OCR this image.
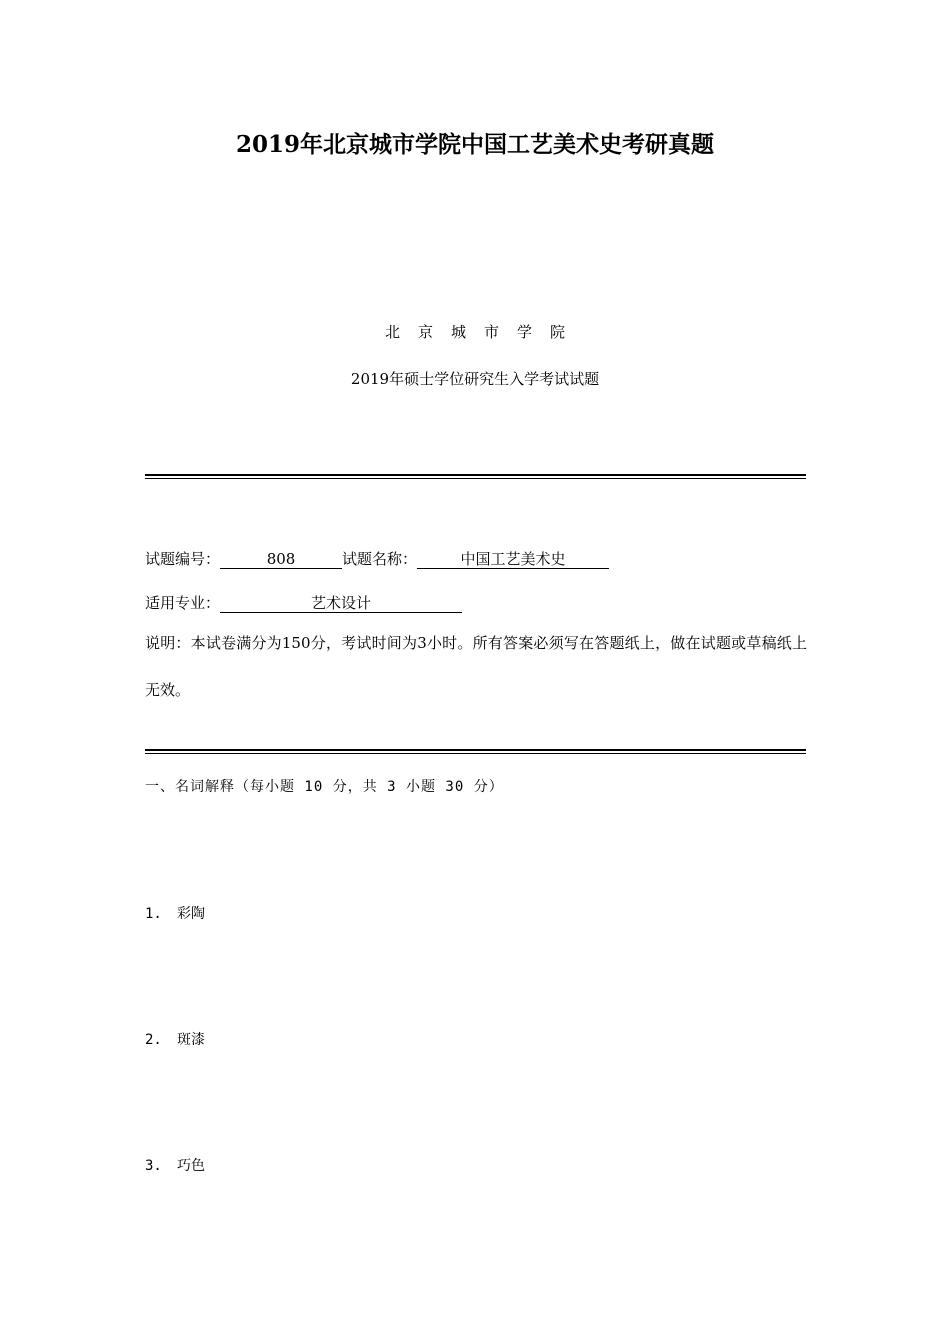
2019年北京城市学院中国工艺美术史考研真题
北京城市学院
2019年硕士学位研究生入学考试试题
试题编号：	808	试题名称：	中国工艺美术史
适用专业：	艺术设计
说明：本试卷满分为150分，考试时间为3小时。所有答案必须写在答题纸上，做在试题或草稿纸上无效。
一、名词解释（每小题 10 分，共 3 小题 30 分）
1. 彩陶
2. 斑漆
3. 巧色
